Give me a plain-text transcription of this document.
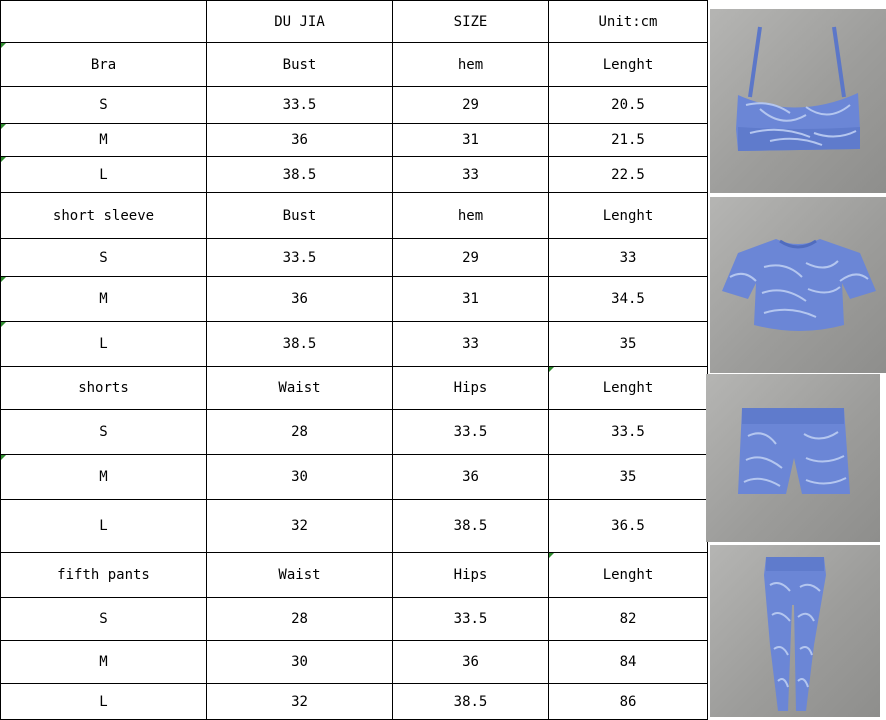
	DU JIA	SIZE	Unit:cm
Bra	Bust	hem	Lenght
S	33.5	29	20.5
M	36	31	21.5
L	38.5	33	22.5
short sleeve	Bust	hem	Lenght
S	33.5	29	33
M	36	31	34.5
L	38.5	33	35
shorts	Waist	Hips	Lenght
S	28	33.5	33.5
M	30	36	35
L	32	38.5	36.5
fifth pants	Waist	Hips	Lenght
S	28	33.5	82
M	30	36	84
L	32	38.5	86
